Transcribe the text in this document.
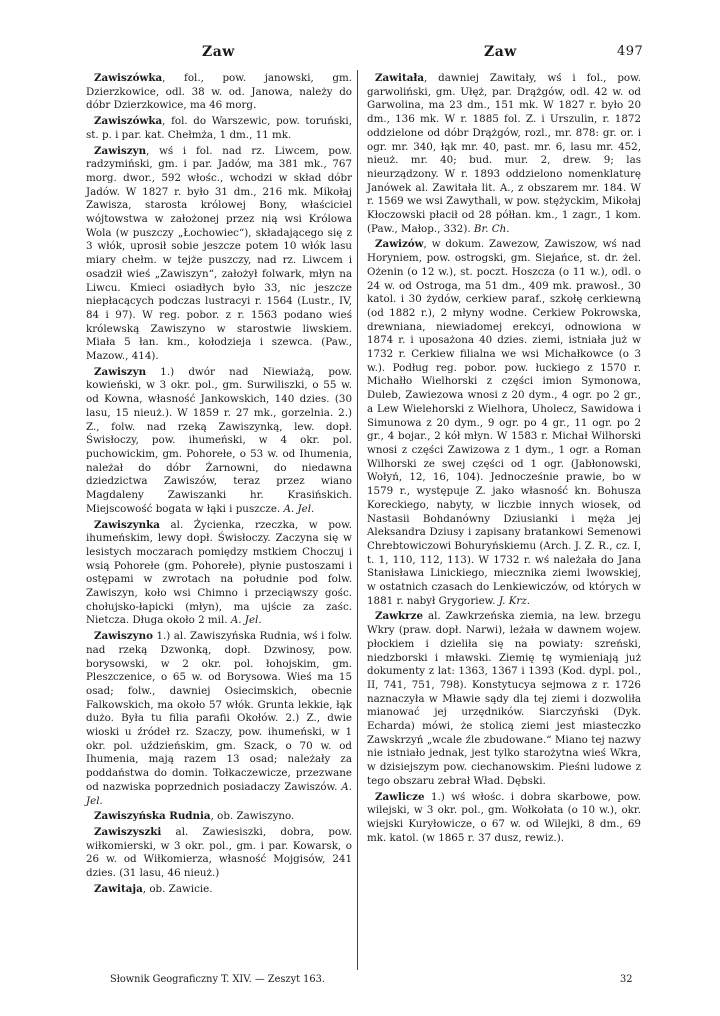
Zaw	Zaw	497

Zawiszówka, fol., pow. janowski, gm. Dzierzkowice, odl. 38 w. od. Janowa, należy do dóbr Dzierzkowice, ma 46 morg.

Zawiszówka, fol. do Warszewic, pow. toruński, st. p. i par. kat. Chełmża, 1 dm., 11 mk.

Zawiszyn, wś i fol. nad rz. Liwcem, pow. radzymiński, gm. i par. Jadów, ma 381 mk., 767 morg. dwor., 592 włośc., wchodzi w skład dóbr Jadów. W 1827 r. było 31 dm., 216 mk. Mikołaj Zawisza, starosta królowej Bony, właściciel wójtowstwa w założonej przez nią wsi Królowa Wola (w puszczy „Łochowiec“), składającego się z 3 włók, uprosił sobie jeszcze potem 10 włók lasu miary chełm. w tejże puszczy, nad rz. Liwcem i osadził wieś „Zawiszyn“, założył folwark, młyn na Liwcu. Kmieci osiadłych było 33, nic jeszcze niepłacących podczas lustracyi r. 1564 (Lustr., IV, 84 i 97). W reg. pobor. z r. 1563 podano wieś królewską Zawiszyno w starostwie liwskiem. Miała 5 łan. km., kołodzieja i szewca. (Paw., Mazow., 414).

Zawiszyn 1.) dwór nad Niewiażą, pow. kowieński, w 3 okr. pol., gm. Surwiliszki, o 55 w. od Kowna, własność Jankowskich, 140 dzies. (30 lasu, 15 nieuż.). W 1859 r. 27 mk., gorzelnia. 2.) Z., folw. nad rzeką Zawiszynką, lew. dopł. Świsłoczy, pow. ihumeński, w 4 okr. pol. puchowickim, gm. Pohorełe, o 53 w. od Ihumenia, należał do dóbr Żarnowni, do niedawna dziedzictwa Zawiszów, teraz przez wiano Magdaleny Zawiszanki hr. Krasińskich. Miejscowość bogata w łąki i puszcze. A. Jel.

Zawiszynka al. Życienka, rzeczka, w pow. ihumeńskim, lewy dopł. Świsłoczy. Zaczyna się w lesistych moczarach pomiędzy mstkiem Choczuj i wsią Pohorełe (gm. Pohorełe), płynie pustoszami i ostępami w zwrotach na południe pod folw. Zawiszyn, koło wsi Chimno i przeciąwszy gośc. chołujsko-łapicki (młyn), ma ujście za zaśc. Nietcza. Długa około 2 mil. A. Jel.

Zawiszyno 1.) al. Zawiszyńska Rudnia, wś i folw. nad rzeką Dzwonką, dopł. Dzwinosy, pow. borysowski, w 2 okr. pol. łohojskim, gm. Pleszczenice, o 65 w. od Borysowa. Wieś ma 15 osad; folw., dawniej Osiecimskich, obecnie Falkowskich, ma około 57 włók. Grunta lekkie, łąk dużo. Była tu filia parafii Okołów. 2.) Z., dwie wioski u źródeł rz. Szaczy, pow. ihumeński, w 1 okr. pol. uździeńskim, gm. Szack, o 70 w. od Ihumenia, mają razem 13 osad; należały za poddaństwa do domin. Tołkaczewicze, przezwane od nazwiska poprzednich posiadaczy Zawiszów. A. Jel.

Zawiszyńska Rudnia, ob. Zawiszyno.

Zawiszyszki al. Zawiesiszki, dobra, pow. wiłkomierski, w 3 okr. pol., gm. i par. Kowarsk, o 26 w. od Wiłkomierza, własność Mojgisów, 241 dzies. (31 lasu, 46 nieuż.)

Zawitaja, ob. Zawicie.

Zawitała, dawniej Zawitały, wś i fol., pow. garwoliński, gm. Ułęż, par. Drążgów, odl. 42 w. od Garwolina, ma 23 dm., 151 mk. W 1827 r. było 20 dm., 136 mk. W r. 1885 fol. Z. i Urszulin, r. 1872 oddzielone od dóbr Drążgów, rozl., mr. 878: gr. or. i ogr. mr. 340, łąk mr. 40, past. mr. 6, lasu mr. 452, nieuż. mr. 40; bud. mur. 2, drew. 9; las nieurządzony. W r. 1893 oddzielono nomenklaturę Janówek al. Zawitała lit. A., z obszarem mr. 184. W r. 1569 we wsi Zawythali, w pow. stężyckim, Mikołaj Kłoczowski płacił od 28 półłan. km., 1 zagr., 1 kom. (Paw., Małop., 332). Br. Ch.

Zawizów, w dokum. Zawezow, Zawiszow, wś nad Horyniem, pow. ostrogski, gm. Siejańce, st. dr. żel. Ożenin (o 12 w.), st. poczt. Hoszcza (o 11 w.), odl. o 24 w. od Ostroga, ma 51 dm., 409 mk. prawosł., 30 katol. i 30 żydów, cerkiew paraf., szkołę cerkiewną (od 1882 r.), 2 młyny wodne. Cerkiew Pokrowska, drewniana, niewiadomej erekcyi, odnowiona w 1874 r. i uposażona 40 dzies. ziemi, istniała już w 1732 r. Cerkiew filialna we wsi Michałkowce (o 3 w.). Podług reg. pobor. pow. łuckiego z 1570 r. Michałło Wielhorski z części imion Symonowa, Duleb, Zawiezowa wnosi z 20 dym., 4 ogr. po 2 gr., a Lew Wielehorski z Wielhora, Uholecz, Sawidowa i Simunowa z 20 dym., 9 ogr. po 4 gr., 11 ogr. po 2 gr., 4 bojar., 2 kół młyn. W 1583 r. Michał Wilhorski wnosi z części Zawizowa z 1 dym., 1 ogr. a Roman Wilhorski ze swej części od 1 ogr. (Jabłonowski, Wołyń, 12, 16, 104). Jednocześnie prawie, bo w 1579 r., występuje Z. jako własność kn. Bohusza Koreckiego, nabyty, w liczbie innych wiosek, od Nastasii Bohdanówny Dziusianki i męża jej Aleksandra Dziusy i zapisany bratankowi Semenowi Chrebtowiczowi Bohuryńskiemu (Arch. J. Z. R., cz. I, t. 1, 110, 112, 113). W 1732 r. wś należała do Jana Stanisława Linickiego, miecznika ziemi lwowskiej, w ostatnich czasach do Lenkiewiczów, od których w 1881 r. nabył Grygoriew. J. Krz.

Zawkrze al. Zawkrzeńska ziemia, na lew. brzegu Wkry (praw. dopł. Narwi), leżała w dawnem wojew. płockiem i dzieliła się na powiaty: szreński, niedzborski i mławski. Ziemię tę wymieniają już dokumenty z lat: 1363, 1367 i 1393 (Kod. dypl. pol., II, 741, 751, 798). Konstytucya sejmowa z r. 1726 naznaczyła w Mławie sądy dla tej ziemi i dozwoliła mianować jej urzędników. Siarczyński (Dyk. Echarda) mówi, że stolicą ziemi jest miasteczko Zawskrzyń „wcale źle zbudowane.“ Miano tej nazwy nie istniało jednak, jest tylko starożytna wieś Wkra, w dzisiejszym pow. ciechanowskim. Pieśni ludowe z tego obszaru zebrał Wład. Dębski.

Zawlicze 1.) wś włośc. i dobra skarbowe, pow. wilejski, w 3 okr. pol., gm. Wołkołata (o 10 w.), okr. wiejski Kuryłowicze, o 67 w. od Wilejki, 8 dm., 69 mk. katol. (w 1865 r. 37 dusz, rewiz.).

Słownik Geograficzny T. XIV. — Zeszyt 163.	32
